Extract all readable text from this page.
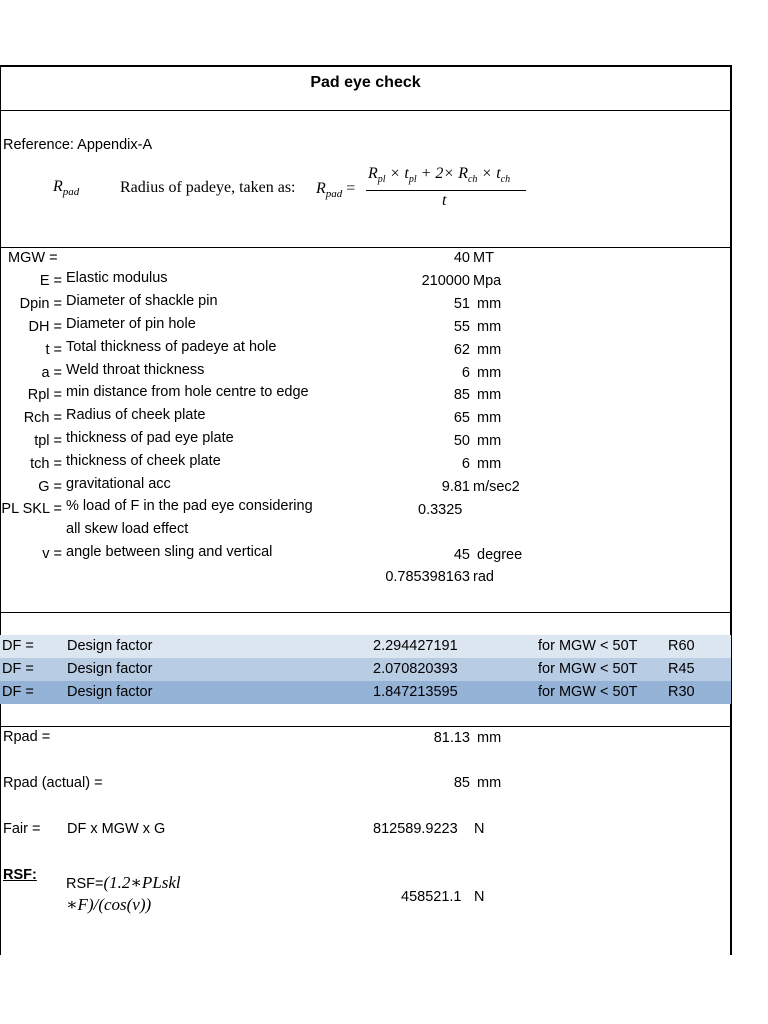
Pad eye check
Reference: Appendix-A
$R_{pad}$	Radius of padeye, taken as: $R_{pad}$ =
$R_{pl} \times t_{pl} + 2\times R_{ch} \times t_{ch}$
t
MGW =	40 MT
E = Elastic modulus	210000 Mpa
Dpin = Diameter of shackle pin	51 mm
DH = Diameter of pin hole	55 mm
t = Total thickness of padeye at hole	62 mm
a = Weld throat thickness	6 mm
Rpl = min distance from hole centre to edge	85 mm
Rch = Radius of cheek plate	65 mm
tpl = thickness of pad eye plate	50 mm
tch = thickness of cheek plate	6 mm
G = gravitational acc	9.81 m/sec2
PL SKL = % load of F in the pad eye considering
all skew load effect
0.3325
v = angle between sling and vertical	45 degree
0.785398163 rad
DF = Design factor	2.294427191	for MGW < 50T R60
DF = Design factor	2.070820393	for MGW < 50T R45
DF = Design factor	1.847213595	for MGW < 50T R30
Rpad =	81.13 mm
Rpad (actual) =	85 mm
Fair = DF x MGW x G	812589.9223 N
RSF:
RSF=(1.2∗PLskl
∗F)/(cos(v))	458521.1 N
